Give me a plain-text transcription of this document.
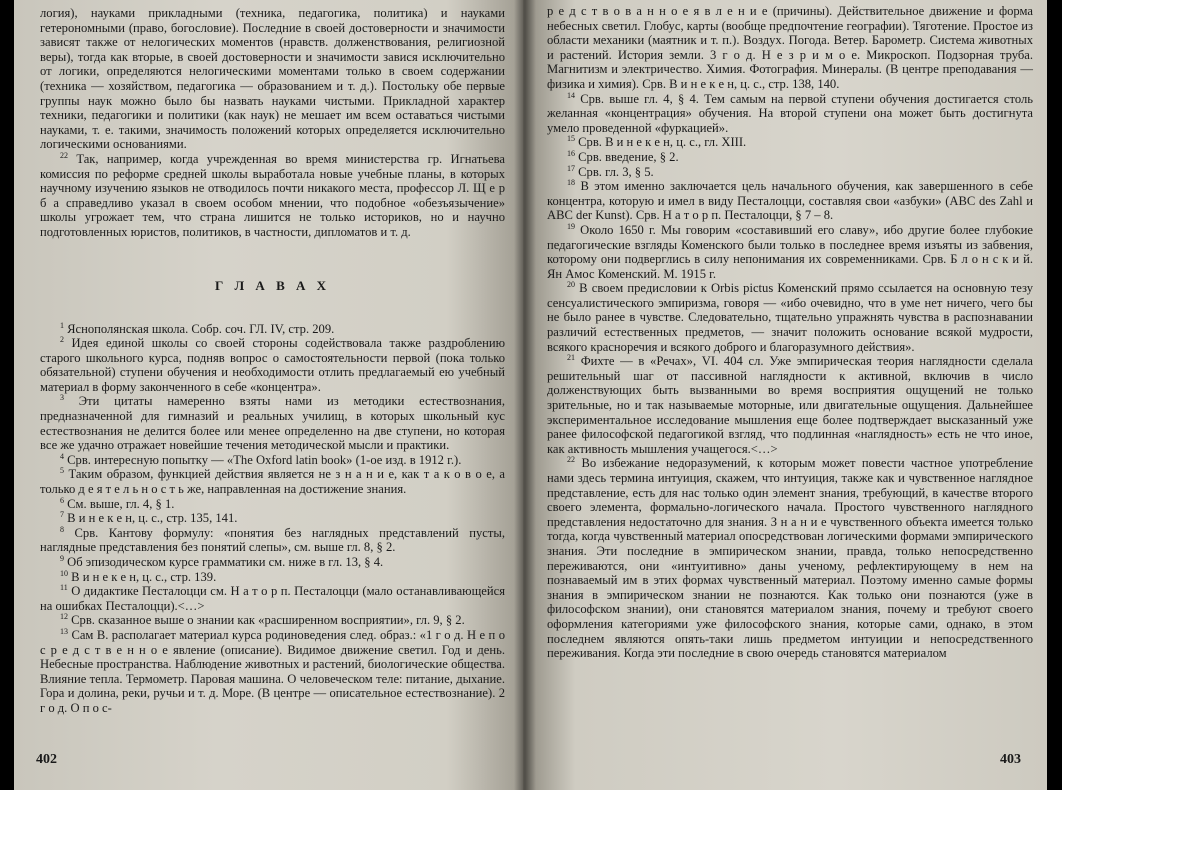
логия), науками прикладными (техника, педагогика, политика) и науками гетерономными (право, богословие). Последние в своей достоверности и значимости зависят также от нелогических моментов (нравств. долженствования, религиозной веры), тогда как вторые, в своей достоверности и значимости завися исключительно от логики, определяются нелогическими моментами только в своем содержании (техника — хозяйством, педагогика — образованием и т. д.). Постольку обе первые группы наук можно было бы назвать науками чистыми. Прикладной характер техники, педагогики и политики (как наук) не мешает им всем оставаться чистыми науками, т. е. такими, значимость положений которых определяется исключительно логическими основаниями.

$^{22}$ Так, например, когда учрежденная во время министерства гр. Игнатьева комиссия по реформе средней школы выработала новые учебные планы, в которых научному изучению языков не отводилось почти никакого места, профессор Л. Щ е р б а справедливо указал в своем особом мнении, что подобное «обезъязычение» школы угрожает тем, что страна лишится не только историков, но и научно подготовленных юристов, политиков, в частности, дипломатов и т. д.

Г Л А В А X

$^1$ Яснополянская школа. Собр. соч. ГЛ. IV, стр. 209.

$^2$ Идея единой школы со своей стороны содействовала также раздроблению старого школьного курса, подняв вопрос о самостоятельности первой (пока только обязательной) ступени обучения и необходимости отлить предлагаемый ею учебный материал в форму законченного в себе «концентра».

$^3$ Эти цитаты намеренно взяты нами из методики естествознания, предназначенной для гимназий и реальных училищ, в которых школьный кус естествознания не делится более или менее определенно на две ступени, но которая все же удачно отражает новейшие течения методической мысли и практики.

$^4$ Срв. интересную попытку — «The Oxford latin book» (1-ое изд. в 1912 г.).

$^5$ Таким образом, функцией действия является не з н а н и е, как т а к о в о е, а только д е я т е л ь н о с т ь же, направленная на достижение знания.

$^6$ См. выше, гл. 4, § 1.

$^7$ В и н е к е н, ц. с., стр. 135, 141.

$^8$ Срв. Кантову формулу: «понятия без наглядных представлений пусты, наглядные представления без понятий слепы», см. выше гл. 8, § 2.

$^9$ Об эпизодическом курсе грамматики см. ниже в гл. 13, § 4.

$^{10}$ В и н е к е н, ц. с., стр. 139.

$^{11}$ О дидактике Песталоцци см. Н а т о р п. Песталоцци (мало останавливающейся на ошибках Песталоцци).<…>

$^{12}$ Срв. сказанное выше о знании как «расширенном восприятии», гл. 9, § 2.

$^{13}$ Сам В. располагает материал курса родиноведения след. образ.: «1 г о д. Н е п о с р е д с т в е н н о е явление (описание). Видимое движение светил. Год и день. Небесные пространства. Наблюдение животных и растений, биологические общества. Влияние тепла. Термометр. Паровая машина. О человеческом теле: питание, дыхание. Гора и долина, реки, ручьи и т. д. Море. (В центре — описательное естествознание). 2 г о д. О п о с-

402

р е д с т в о в а н н о е я в л е н и е (причины). Действительное движение и форма небесных светил. Глобус, карты (вообще предпочтение географии). Тяготение. Простое из области механики (маятник и т. п.). Воздух. Погода. Ветер. Барометр. Система животных и растений. История земли. 3 г о д. Н е з р и м о е. Микроскоп. Подзорная труба. Магнитизм и электричество. Химия. Фотография. Минералы. (В центре преподавания — физика и химия). Срв. В и н е к е н, ц. с., стр. 138, 140.

$^{14}$ Срв. выше гл. 4, § 4. Тем самым на первой ступени обучения достигается столь желанная «концентрация» обучения. На второй ступени она может быть достигнута умело проведенной «фуркацией».

$^{15}$ Срв. В и н е к е н, ц. с., гл. XIII.

$^{16}$ Срв. введение, § 2.

$^{17}$ Срв. гл. 3, § 5.

$^{18}$ В этом именно заключается цель начального обучения, как завершенного в себе концентра, которую и имел в виду Песталоцци, составляя свои «азбуки» (ABC des Zahl и ABC der Kunst). Срв. Н а т о р п. Песталоцци, § 7 – 8.

$^{19}$ Около 1650 г. Мы говорим «составивший его славу», ибо другие более глубокие педагогические взгляды Коменского были только в последнее время изъяты из забвения, которому они подверглись в силу непонимания их современниками. Срв. Б л о н с к и й. Ян Амос Коменский. М. 1915 г.

$^{20}$ В своем предисловии к Orbis pictus Коменский прямо ссылается на основную тезу сенсуалистического эмпиризма, говоря — «ибо очевидно, что в уме нет ничего, чего бы не было ранее в чувстве. Следовательно, тщательно упражнять чувства в распознавании различий естественных предметов, — значит положить основание всякой мудрости, всякого красноречия и всякого доброго и благоразумного действия».

$^{21}$ Фихте — в «Речах», VI. 404 сл. Уже эмпирическая теория наглядности сделала решительный шаг от пассивной наглядности к активной, включив в число долженствующих быть вызванными во время восприятия ощущений не только зрительные, но и так называемые моторные, или двигательные ощущения. Дальнейшее экспериментальное исследование мышления еще более подтверждает высказанный уже ранее философской педагогикой взгляд, что подлинная «наглядность» есть не что иное, как активность мышления учащегося.<…>

$^{22}$ Во избежание недоразумений, к которым может повести частное употребление нами здесь термина интуиция, скажем, что интуиция, также как и чувственное наглядное представление, есть для нас только один элемент знания, требующий, в качестве второго своего элемента, формально-логического начала. Простого чувственного наглядного представления недостаточно для знания. З н а н и е чувственного объекта имеется только тогда, когда чувственный материал опосредствован логическими формами эмпирического знания. Эти последние в эмпирическом знании, правда, только непосредственно переживаются, они «интуитивно» даны ученому, рефлектирующему в нем на познаваемый им в этих формах чувственный материал. Поэтому именно самые формы знания в эмпирическом знании не познаются. Как только они познаются (уже в философском знании), они становятся материалом знания, почему и требуют своего оформления категориями уже философского знания, которые сами, однако, в этом последнем являются опять-таки лишь предметом интуиции и непосредственного переживания. Когда эти последние в свою очередь становятся материалом

403
